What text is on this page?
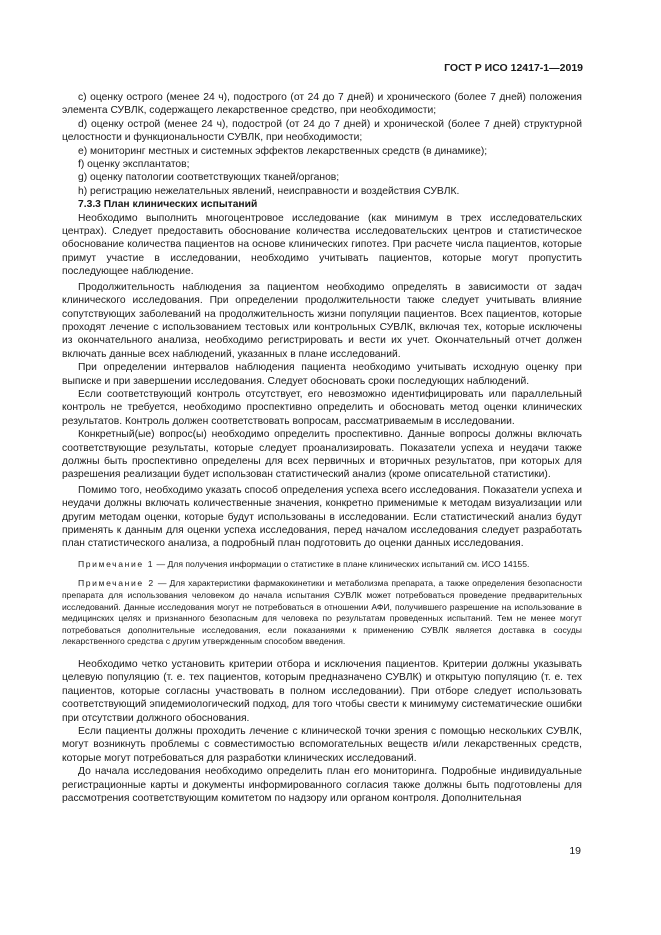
ГОСТ Р ИСО 12417-1—2019

c) оценку острого (менее 24 ч), подострого (от 24 до 7 дней) и хронического (более 7 дней) положения элемента СУВЛК, содержащего лекарственное средство, при необходимости;

d) оценку острой (менее 24 ч), подострой (от 24 до 7 дней) и хронической (более 7 дней) структурной целостности и функциональности СУВЛК, при необходимости;

e) мониторинг местных и системных эффектов лекарственных средств (в динамике);

f) оценку эксплантатов;

g) оценку патологии соответствующих тканей/органов;

h) регистрацию нежелательных явлений, неисправности и воздействия СУВЛК.

7.3.3 План клинических испытаний

Необходимо выполнить многоцентровое исследование (как минимум в трех исследовательских центрах). Следует предоставить обоснование количества исследовательских центров и статистическое обоснование количества пациентов на основе клинических гипотез. При расчете числа пациентов, которые примут участие в исследовании, необходимо учитывать пациентов, которые могут пропустить последующее наблюдение.

Продолжительность наблюдения за пациентом необходимо определять в зависимости от задач клинического исследования. При определении продолжительности также следует учитывать влияние сопутствующих заболеваний на продолжительность жизни популяции пациентов. Всех пациентов, которые проходят лечение с использованием тестовых или контрольных СУВЛК, включая тех, которые исключены из окончательного анализа, необходимо регистрировать и вести их учет. Окончательный отчет должен включать данные всех наблюдений, указанных в плане исследований.

При определении интервалов наблюдения пациента необходимо учитывать исходную оценку при выписке и при завершении исследования. Следует обосновать сроки последующих наблюдений.

Если соответствующий контроль отсутствует, его невозможно идентифицировать или параллельный контроль не требуется, необходимо проспективно определить и обосновать метод оценки клинических результатов. Контроль должен соответствовать вопросам, рассматриваемым в исследовании.

Конкретный(ые) вопрос(ы) необходимо определить проспективно. Данные вопросы должны включать соответствующие результаты, которые следует проанализировать. Показатели успеха и неудачи также должны быть проспективно определены для всех первичных и вторичных результатов, при которых для разрешения реализации будет использован статистический анализ (кроме описательной статистики).

Помимо того, необходимо указать способ определения успеха всего исследования. Показатели успеха и неудачи должны включать количественные значения, конкретно применимые к методам визуализации или другим методам оценки, которые будут использованы в исследовании. Если статистический анализ будут применять к данным для оценки успеха исследования, перед началом исследования следует разработать план статистического анализа, а подробный план подготовить до оценки данных исследования.

Примечание 1 — Для получения информации о статистике в плане клинических испытаний см. ИСО 14155.

Примечание 2 — Для характеристики фармакокинетики и метаболизма препарата, а также определения безопасности препарата для использования человеком до начала испытания СУВЛК может потребоваться проведение предварительных исследований. Данные исследования могут не потребоваться в отношении АФИ, получившего разрешение на использование в медицинских целях и признанного безопасным для человека по результатам проведенных испытаний. Тем не менее могут потребоваться дополнительные исследования, если показаниями к применению СУВЛК является доставка в сосуды лекарственного средства с другим утвержденным способом введения.

Необходимо четко установить критерии отбора и исключения пациентов. Критерии должны указывать целевую популяцию (т. е. тех пациентов, которым предназначено СУВЛК) и открытую популяцию (т. е. тех пациентов, которые согласны участвовать в полном исследовании). При отборе следует использовать соответствующий эпидемиологический подход, для того чтобы свести к минимуму систематические ошибки при отсутствии должного обоснования.

Если пациенты должны проходить лечение с клинической точки зрения с помощью нескольких СУВЛК, могут возникнуть проблемы с совместимостью вспомогательных веществ и/или лекарственных средств, которые могут потребоваться для разработки клинических исследований.

До начала исследования необходимо определить план его мониторинга. Подробные индивидуальные регистрационные карты и документы информированного согласия также должны быть подготовлены для рассмотрения соответствующим комитетом по надзору или органом контроля. Дополнительная

19
